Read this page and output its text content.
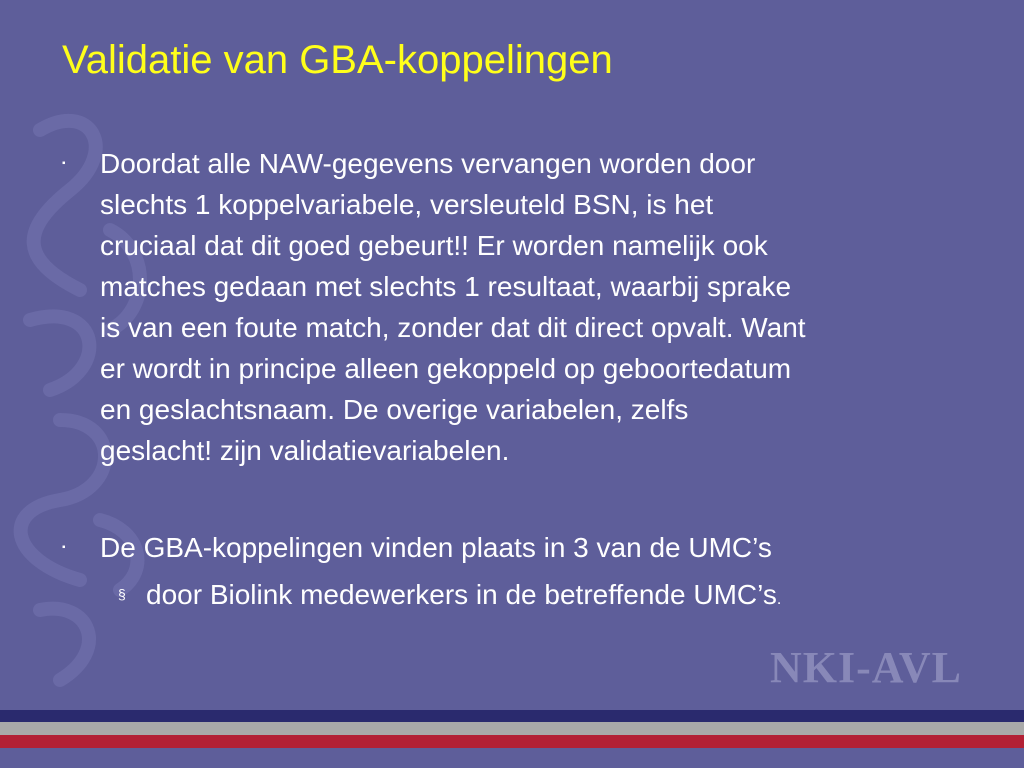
Validatie van GBA-koppelingen
▪ Doordat alle NAW-gegevens vervangen worden door
slechts 1 koppelvariabele, versleuteld BSN, is het
cruciaal dat dit goed gebeurt!! Er worden namelijk ook
matches gedaan met slechts 1 resultaat, waarbij sprake
is van een foute match, zonder dat dit direct opvalt. Want
er wordt in principe alleen gekoppeld op geboortedatum
en geslachtsnaam. De overige variabelen, zelfs
geslacht! zijn validatievariabelen.
▪ De GBA-koppelingen vinden plaats in 3 van de UMC’s
§ door Biolink medewerkers in de betreffende UMC’s.
NKI-AVL
